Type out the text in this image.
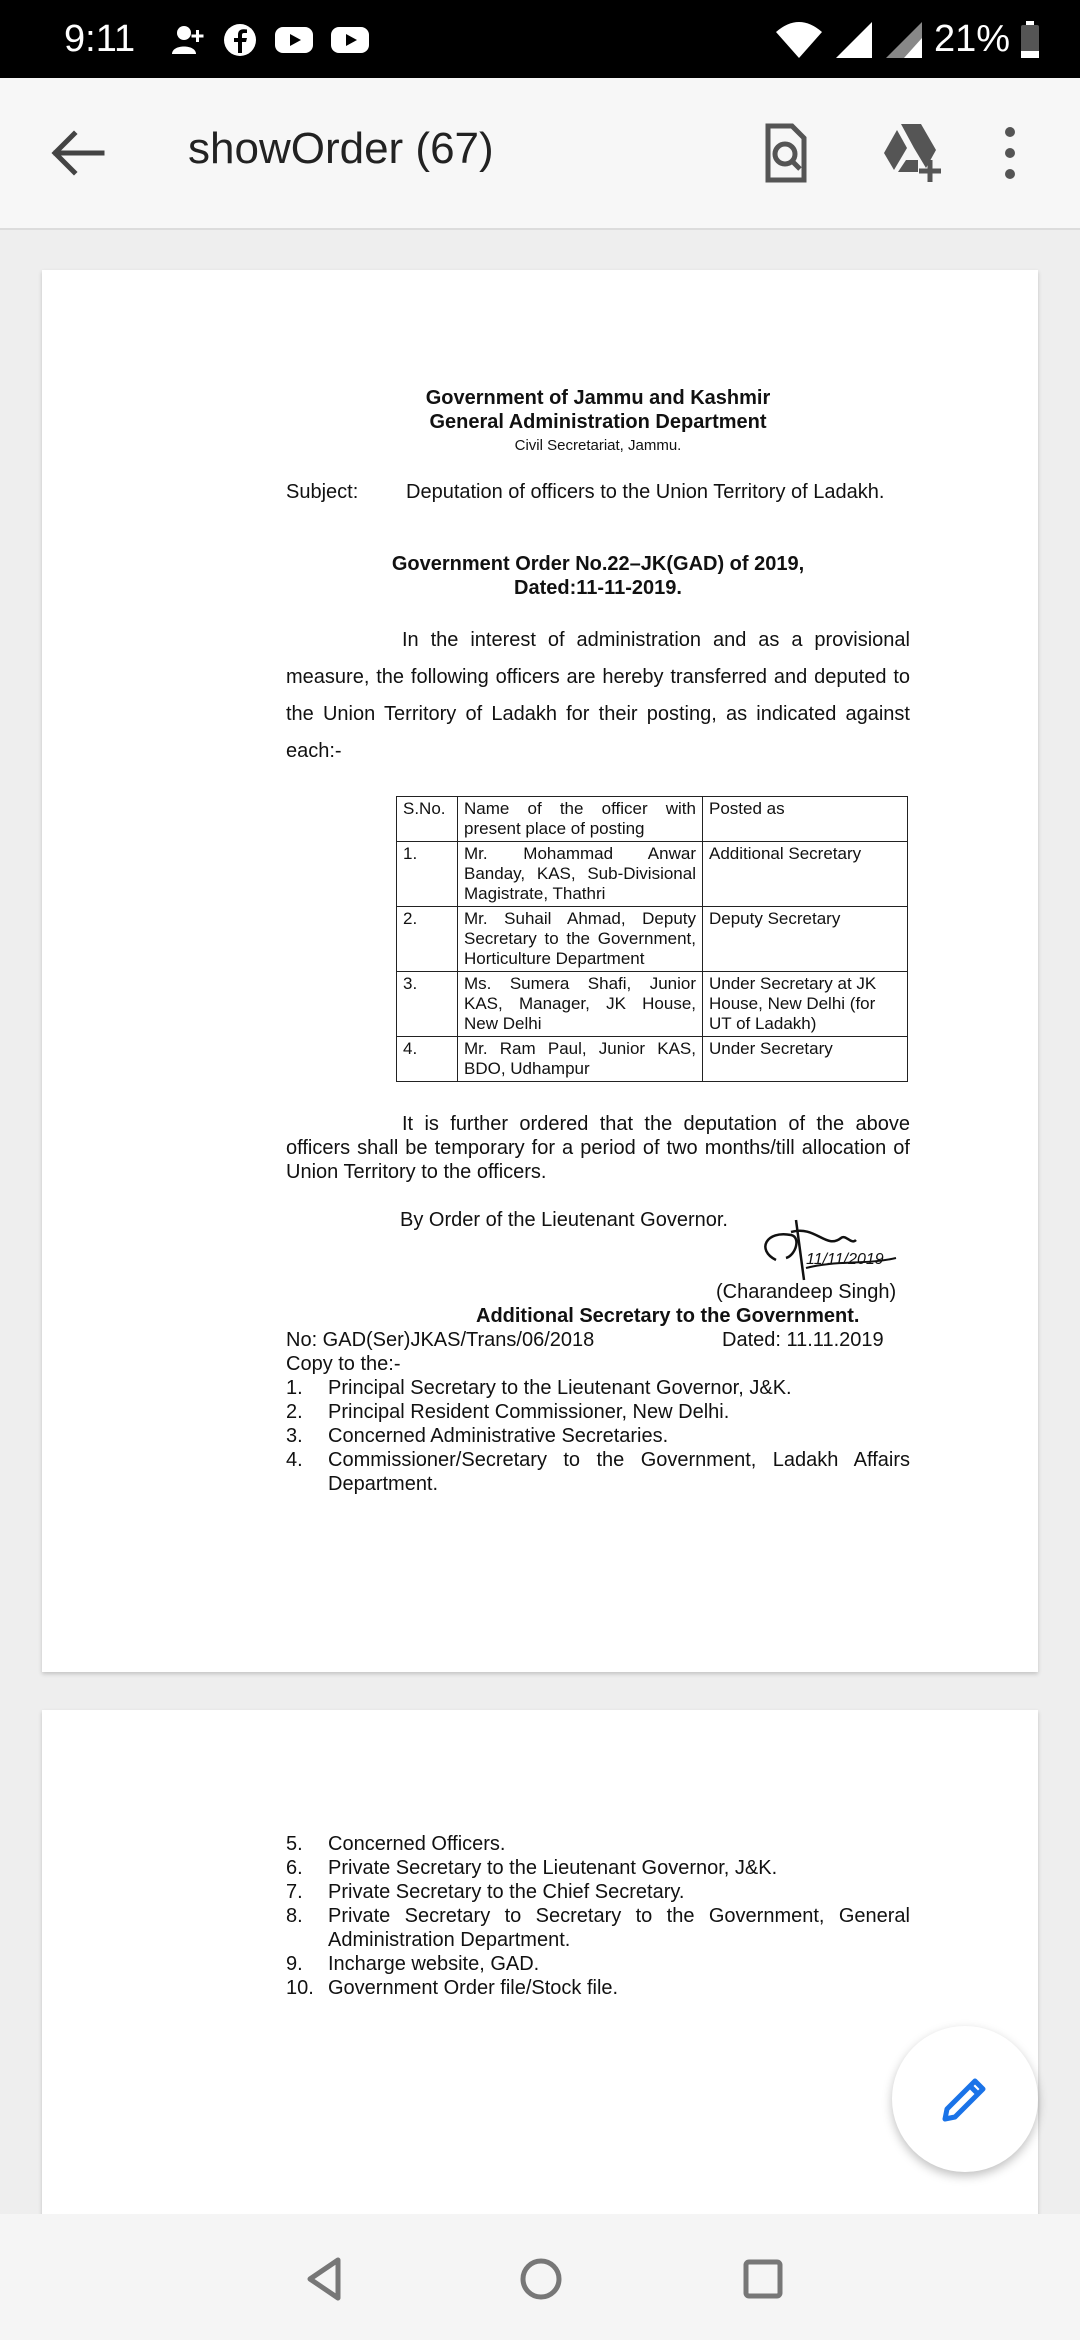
9:11	21%
showOrder (67)
Government of Jammu and Kashmir
General Administration Department
Civil Secretariat, Jammu.
Subject:	Deputation of officers to the Union Territory of Ladakh.
Government Order No.22–JK(GAD) of 2019,
Dated:11-11-2019.
In the interest of administration and as a provisional measure, the following officers are hereby transferred and deputed to the Union Territory of Ladakh for their posting, as indicated against each:-
S.No.	Name of the officer with present place of posting	Posted as
1.	Mr. Mohammad Anwar Banday, KAS, Sub-Divisional Magistrate, Thathri	Additional Secretary
2.	Mr. Suhail Ahmad, Deputy Secretary to the Government, Horticulture Department	Deputy Secretary
3.	Ms. Sumera Shafi, Junior KAS, Manager, JK House, New Delhi	Under Secretary at JK House, New Delhi (for UT of Ladakh)
4.	Mr. Ram Paul, Junior KAS, BDO, Udhampur	Under Secretary
It is further ordered that the deputation of the above officers shall be temporary for a period of two months/till allocation of Union Territory to the officers.
By Order of the Lieutenant Governor.
11/11/2019
(Charandeep Singh)
Additional Secretary to the Government.
No: GAD(Ser)JKAS/Trans/06/2018	Dated: 11.11.2019
Copy to the:-
1.	Principal Secretary to the Lieutenant Governor, J&K.
2.	Principal Resident Commissioner, New Delhi.
3.	Concerned Administrative Secretaries.
4.	Commissioner/Secretary to the Government, Ladakh Affairs Department.
5.	Concerned Officers.
6.	Private Secretary to the Lieutenant Governor, J&K.
7.	Private Secretary to the Chief Secretary.
8.	Private Secretary to Secretary to the Government, General Administration Department.
9.	Incharge website, GAD.
10. Government Order file/Stock file.
